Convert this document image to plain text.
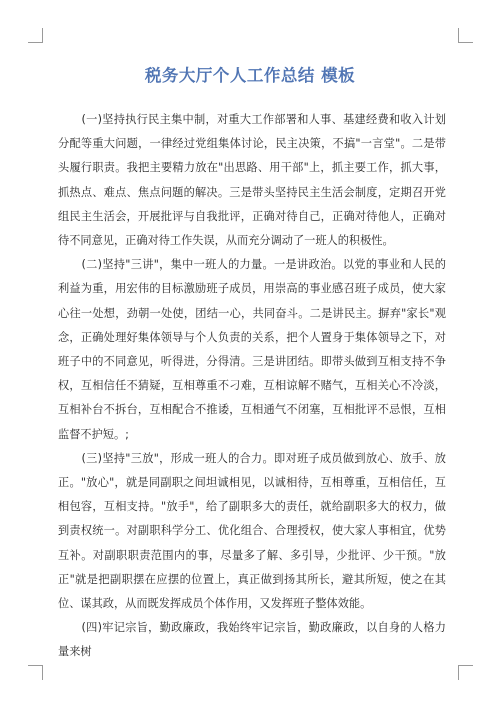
税务大厅个人工作总结 模板

(一)坚持执行民主集中制，对重大工作部署和人事、基建经费和收入计划分配等重大问题，一律经过党组集体讨论，民主决策，不搞"一言堂"。二是带头履行职责。我把主要精力放在"出思路、用干部"上，抓主要工作，抓大事，抓热点、难点、焦点问题的解决。三是带头坚持民主生活会制度，定期召开党组民主生活会，开展批评与自我批评，正确对待自己，正确对待他人，正确对待不同意见，正确对待工作失误，从而充分调动了一班人的积极性。

(二)坚持"三讲"，集中一班人的力量。一是讲政治。以党的事业和人民的利益为重，用宏伟的目标激励班子成员，用崇高的事业感召班子成员，使大家心往一处想，劲朝一处使，团结一心，共同奋斗。二是讲民主。摒弃"家长"观念，正确处理好集体领导与个人负责的关系，把个人置身于集体领导之下，对班子中的不同意见，听得进，分得清。三是讲团结。即带头做到互相支持不争权，互相信任不猜疑，互相尊重不刁难，互相谅解不赌气，互相关心不冷淡，互相补台不拆台，互相配合不推诿，互相通气不闭塞，互相批评不忌恨，互相监督不护短。;

(三)坚持"三放"，形成一班人的合力。即对班子成员做到放心、放手、放正。"放心"，就是同副职之间坦诚相见，以诚相待，互相尊重，互相信任，互相包容，互相支持。"放手"，给了副职多大的责任，就给副职多大的权力，做到责权统一。对副职科学分工、优化组合、合理授权，使大家人事相宜，优势互补。对副职职责范围内的事，尽量多了解、多引导，少批评、少干预。"放正"就是把副职摆在应摆的位置上，真正做到扬其所长，避其所短，使之在其位、谋其政，从而既发挥成员个体作用，又发挥班子整体效能。

(四)牢记宗旨，勤政廉政，我始终牢记宗旨，勤政廉政，以自身的人格力量来树
